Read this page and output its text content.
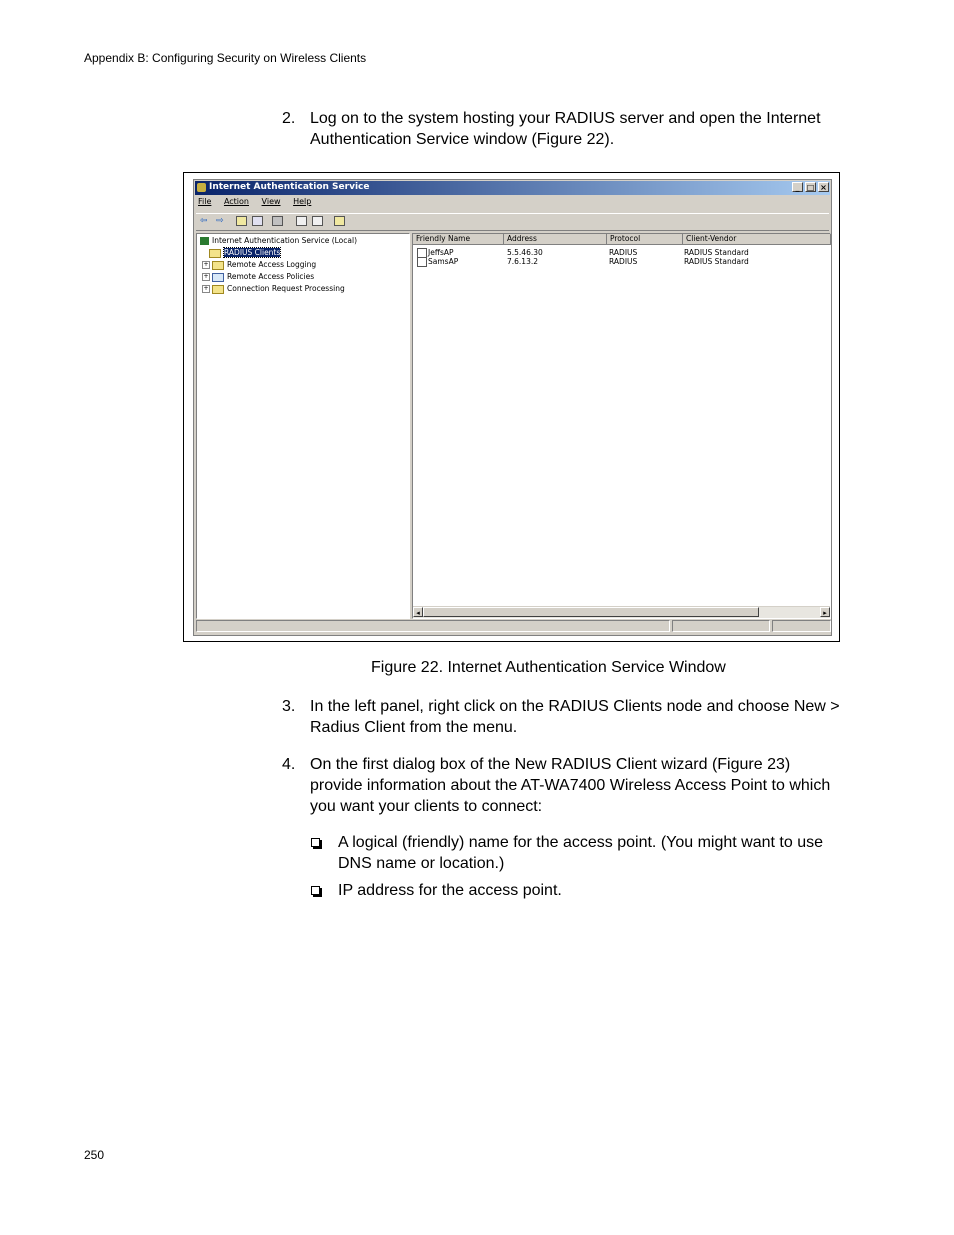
Appendix B: Configuring Security on Wireless Clients
2. Log on to the system hosting your RADIUS server and open the Internet Authentication Service window (Figure 22).
Internet Authentication Service	_ □ ×
File Action View Help
⇦ ⇨
Internet Authentication Service (Local)
RADIUS Clients
+ Remote Access Logging
+ Remote Access Policies
+ Connection Request Processing
Friendly Name	Address	Protocol	Client-Vendor
JeffsAP	5.5.46.30	RADIUS	RADIUS Standard
SamsAP	7.6.13.2	RADIUS	RADIUS Standard
◂	▸
Figure 22. Internet Authentication Service Window
3. In the left panel, right click on the RADIUS Clients node and choose New > Radius Client from the menu.
4. On the first dialog box of the New RADIUS Client wizard (Figure 23) provide information about the AT-WA7400 Wireless Access Point to which you want your clients to connect:
A logical (friendly) name for the access point. (You might want to use DNS name or location.)
IP address for the access point.
250
